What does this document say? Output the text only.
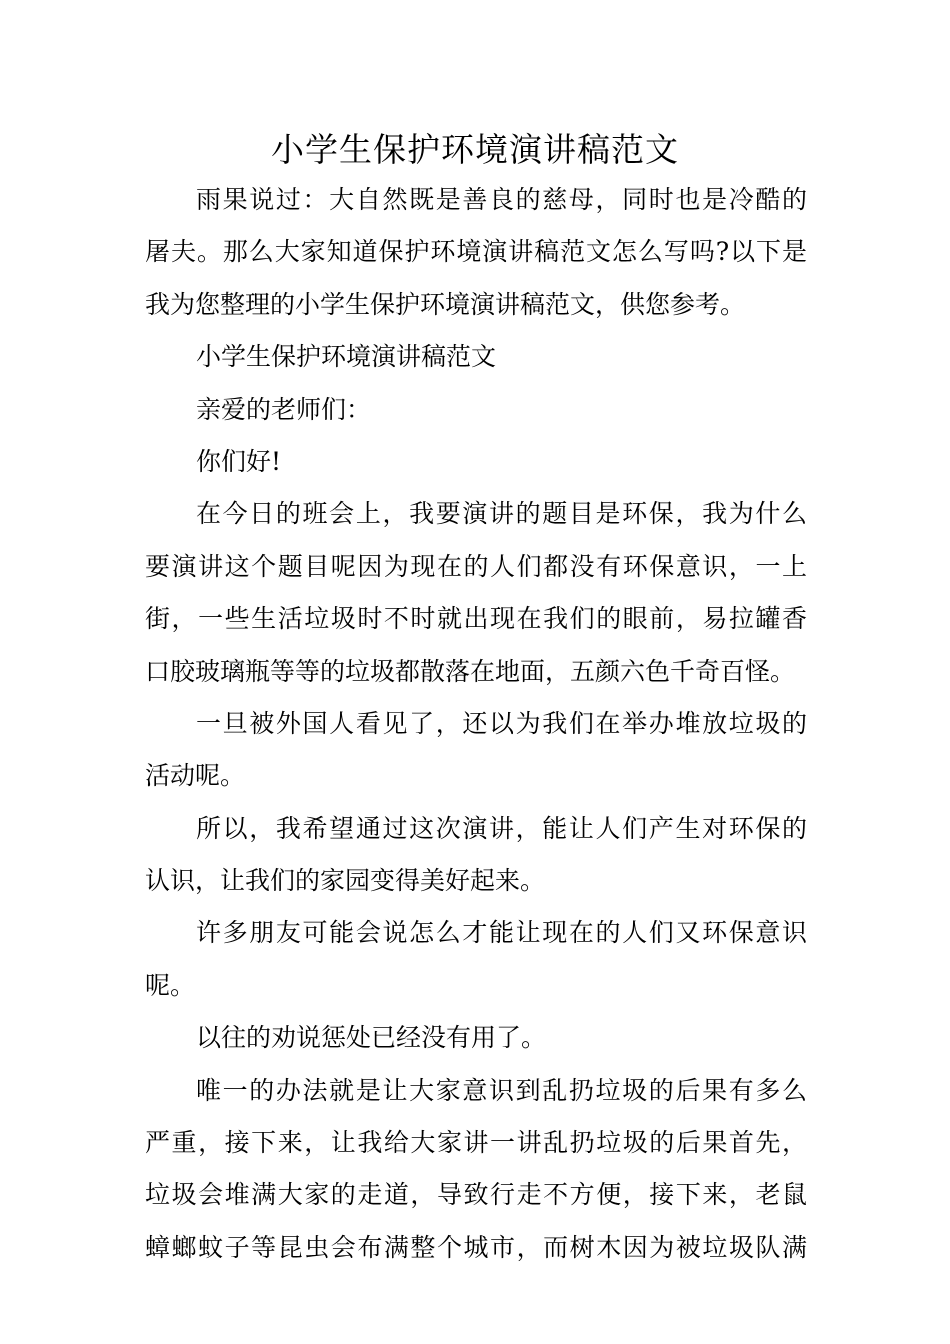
小学生保护环境演讲稿范文
雨果说过：大自然既是善良的慈母，同时也是冷酷的
屠夫。那么大家知道保护环境演讲稿范文怎么写吗?以下是
我为您整理的小学生保护环境演讲稿范文，供您参考。
小学生保护环境演讲稿范文
亲爱的老师们：
你们好!
在今日的班会上，我要演讲的题目是环保，我为什么
要演讲这个题目呢因为现在的人们都没有环保意识，一上
街，一些生活垃圾时不时就出现在我们的眼前，易拉罐香
口胶玻璃瓶等等的垃圾都散落在地面，五颜六色千奇百怪。
一旦被外国人看见了，还以为我们在举办堆放垃圾的
活动呢。
所以，我希望通过这次演讲，能让人们产生对环保的
认识，让我们的家园变得美好起来。
许多朋友可能会说怎么才能让现在的人们又环保意识
呢。
以往的劝说惩处已经没有用了。
唯一的办法就是让大家意识到乱扔垃圾的后果有多么
严重，接下来，让我给大家讲一讲乱扔垃圾的后果首先，
垃圾会堆满大家的走道，导致行走不方便，接下来，老鼠
蟑螂蚊子等昆虫会布满整个城市，而树木因为被垃圾队满
